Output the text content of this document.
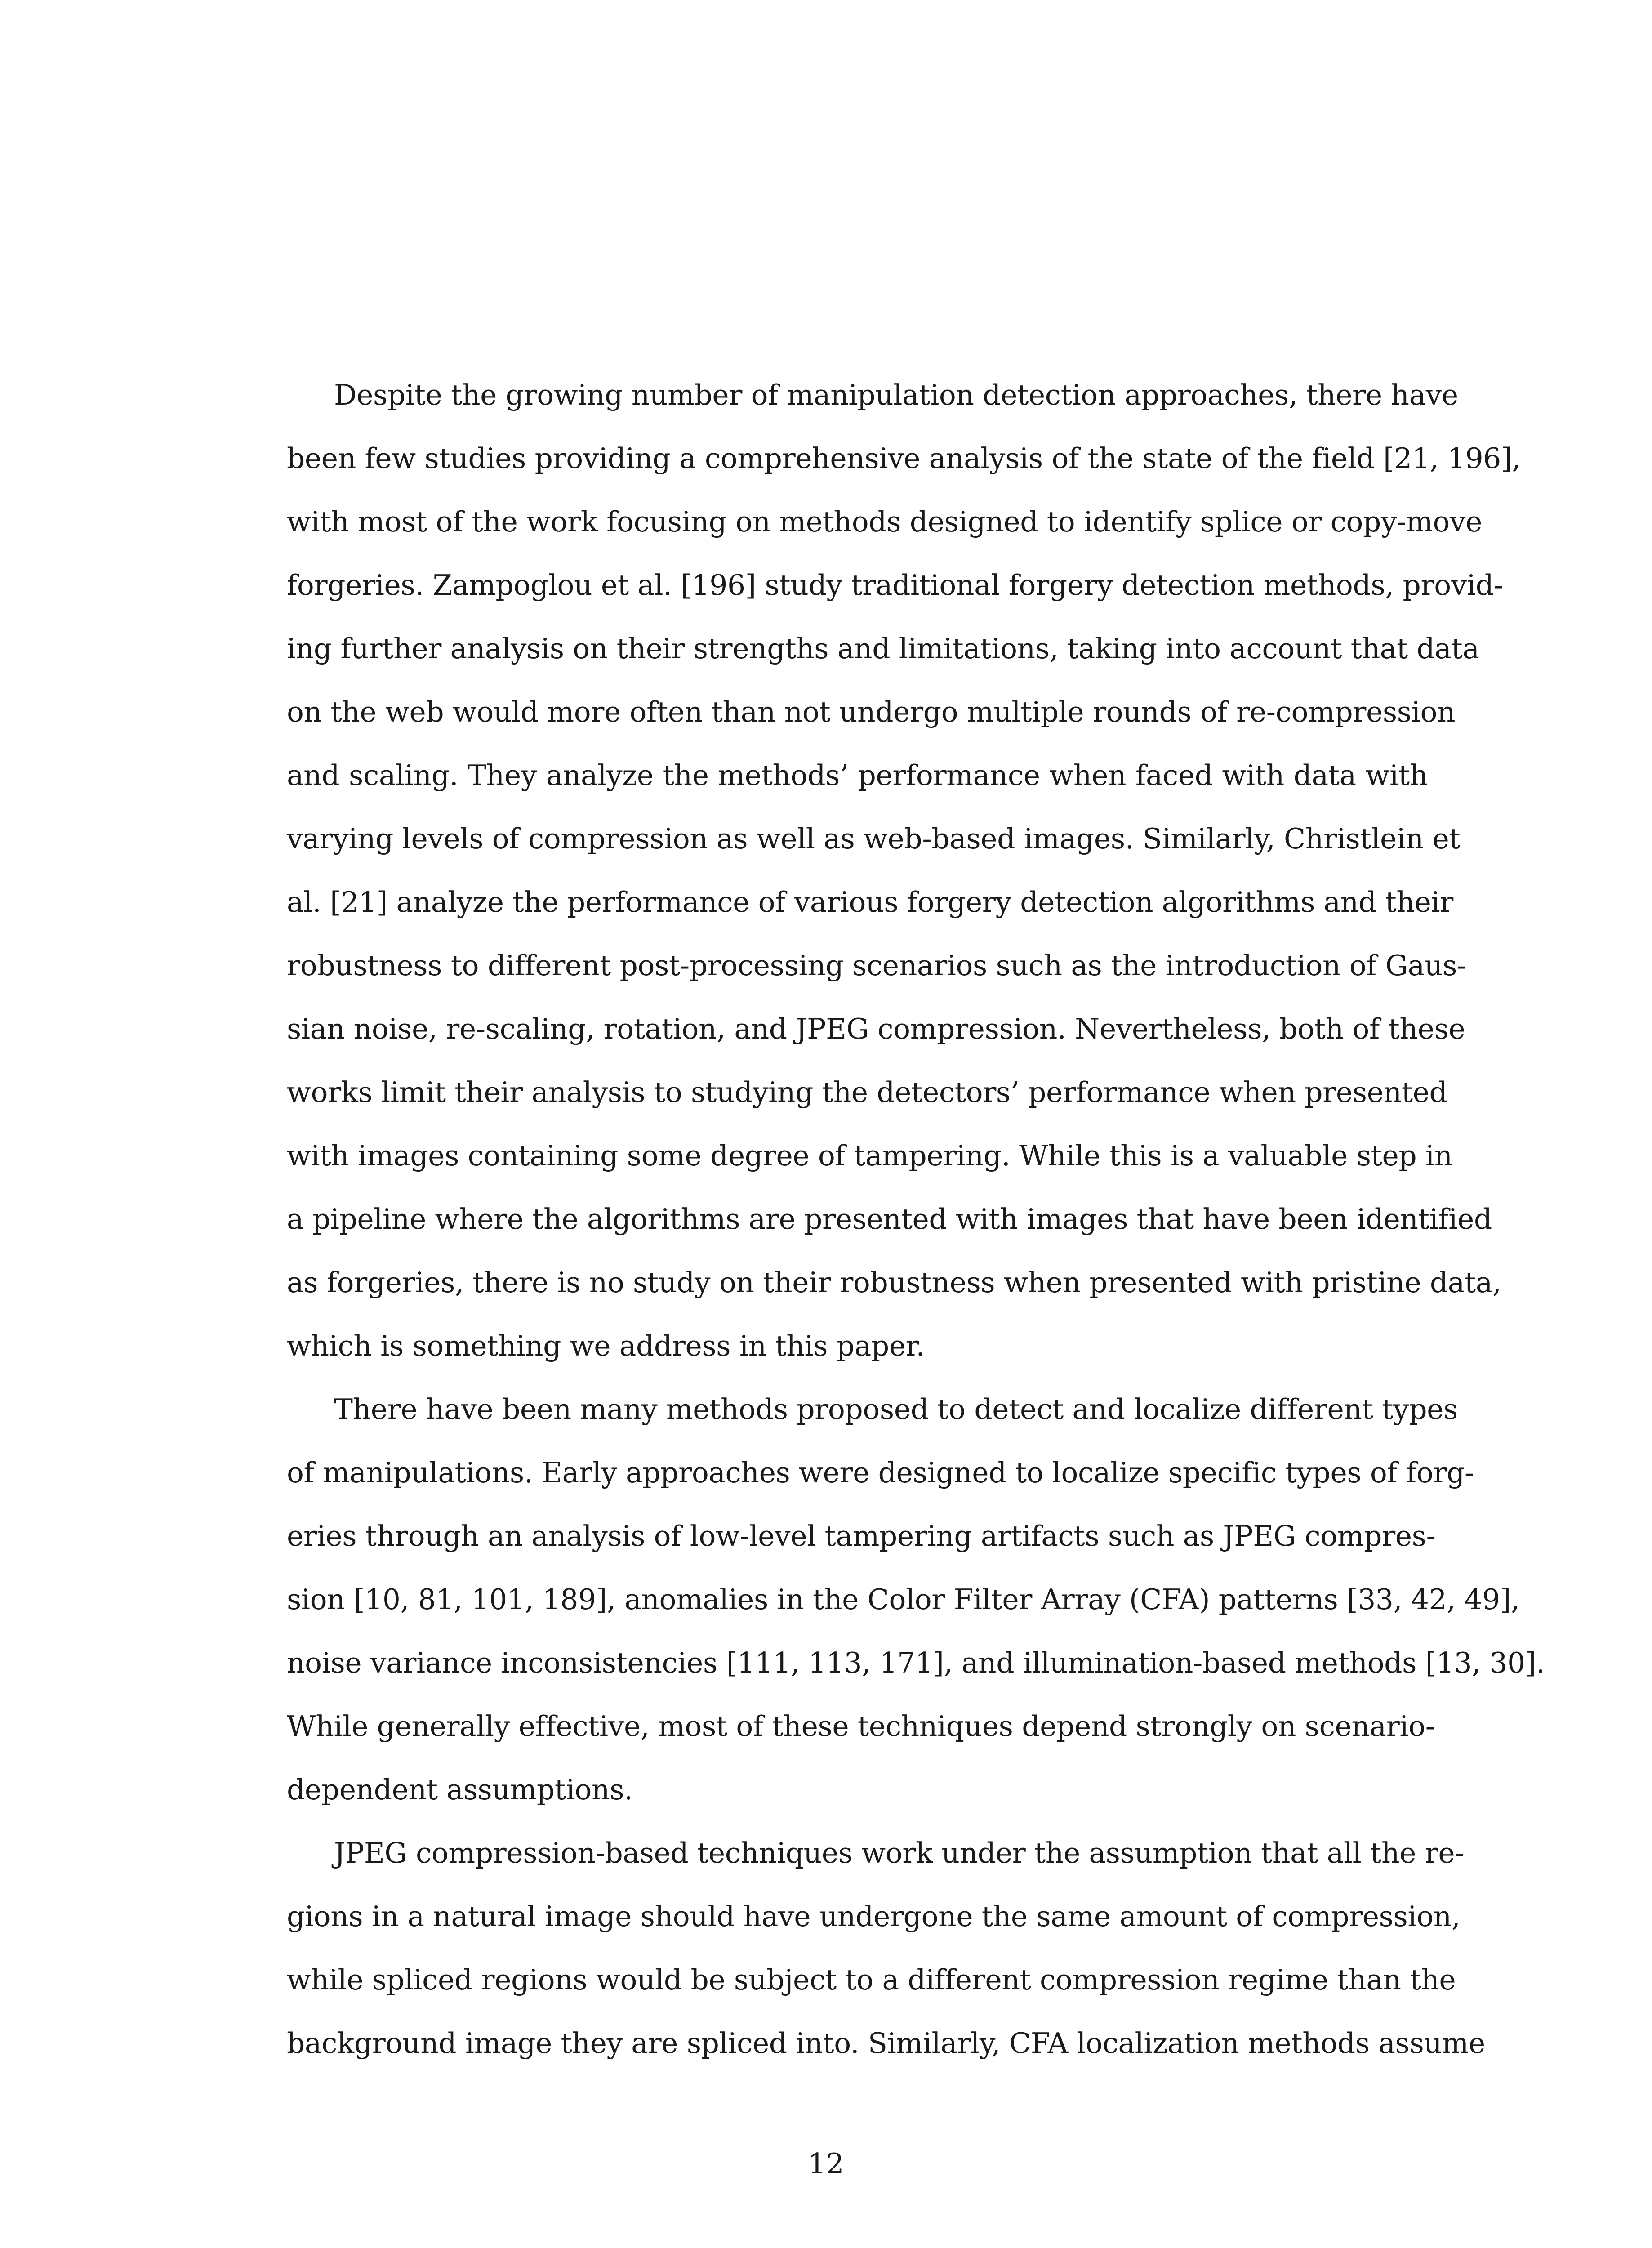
Despite the growing number of manipulation detection approaches, there have
been few studies providing a comprehensive analysis of the state of the field [21, 196],
with most of the work focusing on methods designed to identify splice or copy-move
forgeries. Zampoglou et al. [196] study traditional forgery detection methods, provid-
ing further analysis on their strengths and limitations, taking into account that data
on the web would more often than not undergo multiple rounds of re-compression
and scaling. They analyze the methods’ performance when faced with data with
varying levels of compression as well as web-based images. Similarly, Christlein et
al. [21] analyze the performance of various forgery detection algorithms and their
robustness to different post-processing scenarios such as the introduction of Gaus-
sian noise, re-scaling, rotation, and JPEG compression. Nevertheless, both of these
works limit their analysis to studying the detectors’ performance when presented
with images containing some degree of tampering. While this is a valuable step in
a pipeline where the algorithms are presented with images that have been identified
as forgeries, there is no study on their robustness when presented with pristine data,
which is something we address in this paper.
There have been many methods proposed to detect and localize different types
of manipulations. Early approaches were designed to localize specific types of forg-
eries through an analysis of low-level tampering artifacts such as JPEG compres-
sion [10, 81, 101, 189], anomalies in the Color Filter Array (CFA) patterns [33, 42, 49],
noise variance inconsistencies [111, 113, 171], and illumination-based methods [13, 30].
While generally effective, most of these techniques depend strongly on scenario-
dependent assumptions.
JPEG compression-based techniques work under the assumption that all the re-
gions in a natural image should have undergone the same amount of compression,
while spliced regions would be subject to a different compression regime than the
background image they are spliced into. Similarly, CFA localization methods assume
12
